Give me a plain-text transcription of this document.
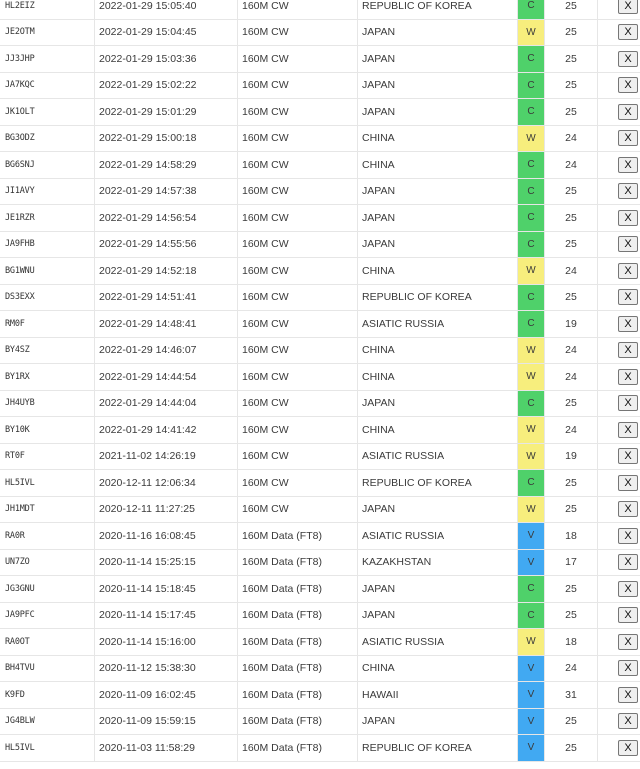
HL2EIZ	2022-01-29 15:05:40	160M CW	REPUBLIC OF KOREA	C	25	X
JE2OTM	2022-01-29 15:04:45	160M CW	JAPAN	W	25	X
JJ3JHP	2022-01-29 15:03:36	160M CW	JAPAN	C	25	X
JA7KQC	2022-01-29 15:02:22	160M CW	JAPAN	C	25	X
JK1OLT	2022-01-29 15:01:29	160M CW	JAPAN	C	25	X
BG3ODZ	2022-01-29 15:00:18	160M CW	CHINA	W	24	X
BG6SNJ	2022-01-29 14:58:29	160M CW	CHINA	C	24	X
JI1AVY	2022-01-29 14:57:38	160M CW	JAPAN	C	25	X
JE1RZR	2022-01-29 14:56:54	160M CW	JAPAN	C	25	X
JA9FHB	2022-01-29 14:55:56	160M CW	JAPAN	C	25	X
BG1WNU	2022-01-29 14:52:18	160M CW	CHINA	W	24	X
DS3EXX	2022-01-29 14:51:41	160M CW	REPUBLIC OF KOREA	C	25	X
RM0F	2022-01-29 14:48:41	160M CW	ASIATIC RUSSIA	C	19	X
BY4SZ	2022-01-29 14:46:07	160M CW	CHINA	W	24	X
BY1RX	2022-01-29 14:44:54	160M CW	CHINA	W	24	X
JH4UYB	2022-01-29 14:44:04	160M CW	JAPAN	C	25	X
BY10K	2022-01-29 14:41:42	160M CW	CHINA	W	24	X
RT0F	2021-11-02 14:26:19	160M CW	ASIATIC RUSSIA	W	19	X
HL5IVL	2020-12-11 12:06:34	160M CW	REPUBLIC OF KOREA	C	25	X
JH1MDT	2020-12-11 11:27:25	160M CW	JAPAN	W	25	X
RA0R	2020-11-16 16:08:45	160M Data (FT8)	ASIATIC RUSSIA	V	18	X
UN7ZO	2020-11-14 15:25:15	160M Data (FT8)	KAZAKHSTAN	V	17	X
JG3GNU	2020-11-14 15:18:45	160M Data (FT8)	JAPAN	C	25	X
JA9PFC	2020-11-14 15:17:45	160M Data (FT8)	JAPAN	C	25	X
RA0OT	2020-11-14 15:16:00	160M Data (FT8)	ASIATIC RUSSIA	W	18	X
BH4TVU	2020-11-12 15:38:30	160M Data (FT8)	CHINA	V	24	X
K9FD	2020-11-09 16:02:45	160M Data (FT8)	HAWAII	V	31	X
JG4BLW	2020-11-09 15:59:15	160M Data (FT8)	JAPAN	V	25	X
HL5IVL	2020-11-03 11:58:29	160M Data (FT8)	REPUBLIC OF KOREA	V	25	X
